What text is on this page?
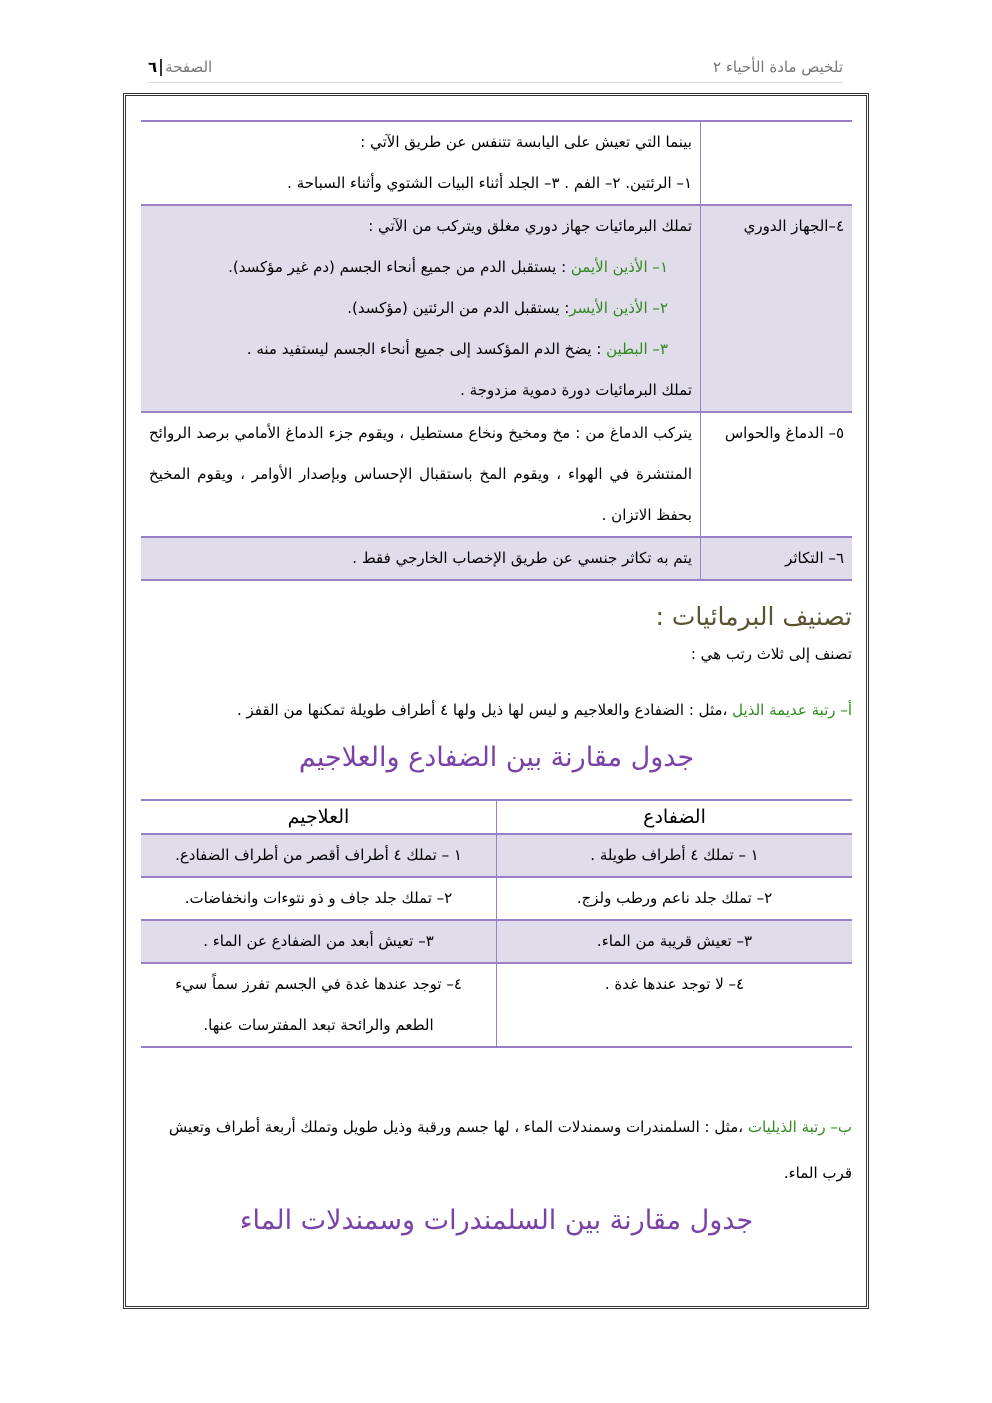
تلخيص مادة الأحياء ٢
الصفحة٦

	بينما التي تعيش على اليابسة تتنفس عن طريق الآتي :
١– الرئتين. ٢– الفم . ٣– الجلد أثناء البيات الشتوي وأثناء السباحة .

٤–الجهاز الدوري	تملك البرمائيات جهاز دوري مغلق ويتركب من الآتي :
١– الأذين الأيمن : يستقبل الدم من جميع أنحاء الجسم (دم غير مؤكسد).
٢– الأذين الأيسر: يستقبل الدم من الرئتين (مؤكسد).
٣– البطين : يضخ الدم المؤكسد إلى جميع أنحاء الجسم ليستفيد منه .
تملك البرمائيات دورة دموية مزدوجة .

٥– الدماغ والحواس	يتركب الدماغ من : مخ ومخيخ ونخاع مستطيل ، ويقوم جزء الدماغ الأمامي برصد الروائح المنتشرة في الهواء ، ويقوم المخ باستقبال الإحساس وبإصدار الأوامر ، ويقوم المخيخ بحفظ الاتزان .
٦– التكاثر	يتم به تكاثر جنسي عن طريق الإخصاب الخارجي فقط .
تصنيف البرمائيات :
تصنف إلى ثلاث رتب هي :
أ– رتبة عديمة الذيل ،مثل : الضفادع والعلاجيم و ليس لها ذيل ولها ٤ أطراف طويلة تمكنها من القفز .
جدول مقارنة بين الضفادع والعلاجيم
الضفادع	العلاجيم
١ – تملك ٤ أطراف طويلة .	١ – تملك ٤ أطراف أقصر من أطراف الضفادع.
٢– تملك جلد ناعم ورطب ولزج.	٢– تملك جلد جاف و ذو نتوءات وانخفاضات.
٣– تعيش قريبة من الماء.	٣– تعيش أبعد من الضفادع عن الماء .
٤– لا توجد عندها غدة .	٤– توجد عندها غدة في الجسم تفرز سماً سيء الطعم والرائحة تبعد المفترسات عنها.
ب– رتبة الذيليات ،مثل : السلمندرات وسمندلات الماء ، لها جسم ورقبة وذيل طويل وتملك أربعة أطراف وتعيش قرب الماء.
جدول مقارنة بين السلمندرات وسمندلات الماء
